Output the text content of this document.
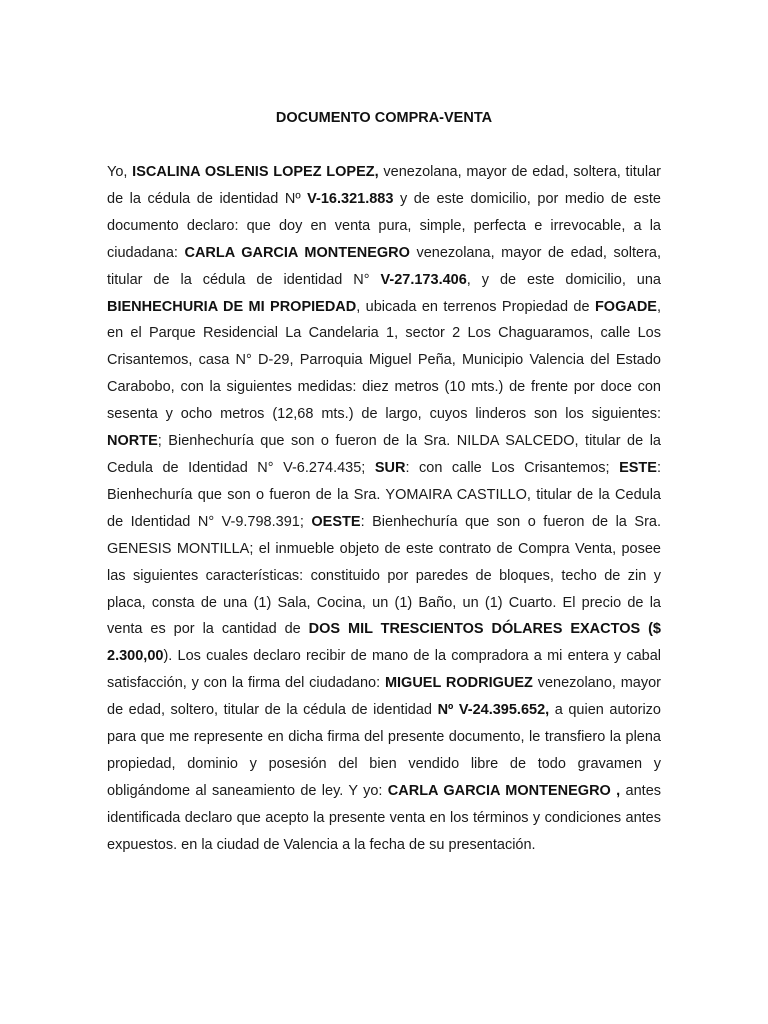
DOCUMENTO COMPRA-VENTA

Yo, ISCALINA OSLENIS LOPEZ LOPEZ, venezolana, mayor de edad, soltera, titular de la cédula de identidad Nº V-16.321.883 y de este domicilio, por medio de este documento declaro: que doy en venta pura, simple, perfecta e irrevocable, a la ciudadana: CARLA GARCIA MONTENEGRO venezolana, mayor de edad, soltera, titular de la cédula de identidad N° V-27.173.406, y de este domicilio, una BIENHECHURIA DE MI PROPIEDAD, ubicada en terrenos Propiedad de FOGADE, en el Parque Residencial La Candelaria 1, sector 2 Los Chaguaramos, calle Los Crisantemos, casa N° D-29, Parroquia Miguel Peña, Municipio Valencia del Estado Carabobo, con la siguientes medidas: diez metros (10 mts.) de frente por doce con sesenta y ocho metros (12,68 mts.) de largo, cuyos linderos son los siguientes: NORTE; Bienhechuría que son o fueron de la Sra. NILDA SALCEDO, titular de la Cedula de Identidad N° V-6.274.435; SUR: con calle Los Crisantemos; ESTE: Bienhechuría que son o fueron de la Sra. YOMAIRA CASTILLO, titular de la Cedula de Identidad N° V-9.798.391; OESTE: Bienhechuría que son o fueron de la Sra. GENESIS MONTILLA; el inmueble objeto de este contrato de Compra Venta, posee las siguientes características: constituido por paredes de bloques, techo de zin y placa, consta de una (1) Sala, Cocina, un (1) Baño, un (1) Cuarto. El precio de la venta es por la cantidad de DOS MIL TRESCIENTOS DÓLARES EXACTOS ($ 2.300,00). Los cuales declaro recibir de mano de la compradora a mi entera y cabal satisfacción, y con la firma del ciudadano: MIGUEL RODRIGUEZ venezolano, mayor de edad, soltero, titular de la cédula de identidad Nº V-24.395.652, a quien autorizo para que me represente en dicha firma del presente documento, le transfiero la plena propiedad, dominio y posesión del bien vendido libre de todo gravamen y obligándome al saneamiento de ley. Y yo: CARLA GARCIA MONTENEGRO , antes identificada declaro que acepto la presente venta en los términos y condiciones antes expuestos. en la ciudad de Valencia a la fecha de su presentación.
